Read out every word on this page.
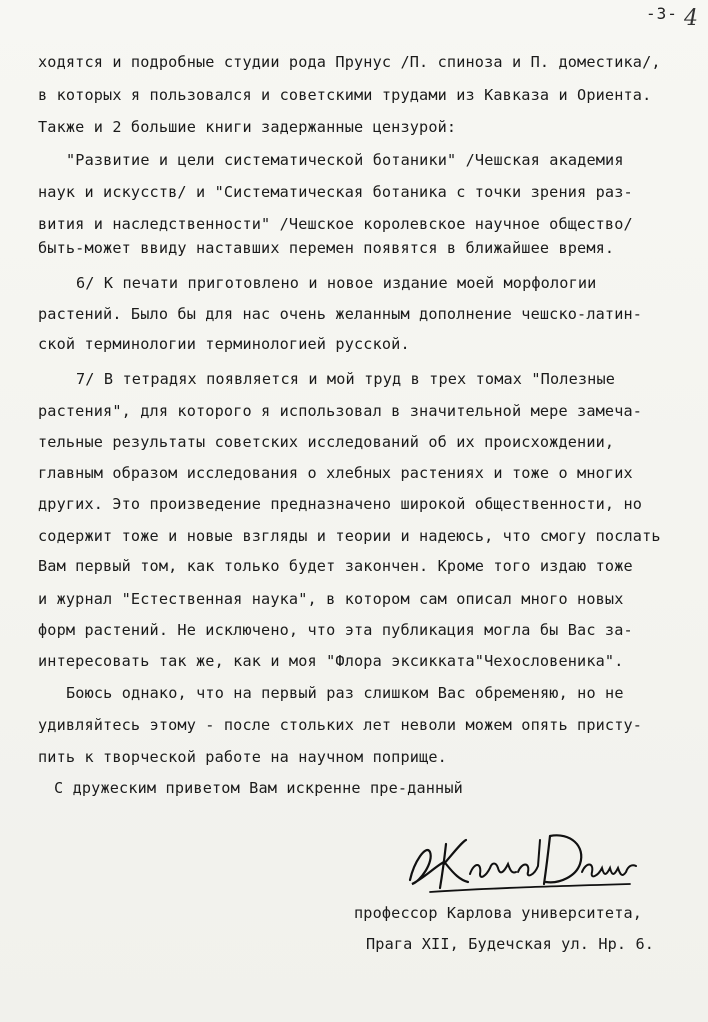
-3- 4
ходятся и подробные студии рода Прунус /П. спиноза и П. доместика/,
в которых я пользовался и советскими трудами из Кавказа и Ориента.
Также и 2 большие книги задержанные цензурой:
"Развитие и цели систематической ботаники" /Чешская академия
наук и искусств/ и "Систематическая ботаника с точки зрения раз-
вития и наследственности" /Чешское королевское научное общество/
быть-может ввиду наставших перемен появятся в ближайшее время.
6/ К печати приготовлено и новое издание моей морфологии
растений. Было бы для нас очень желанным дополнение чешско-латин-
ской терминологии терминологией русской.
7/ В тетрадях появляется и мой труд в трех томах "Полезные
растения", для которого я использовал в значительной мере замеча-
тельные результаты советских исследований об их происхождении,
главным образом исследования о хлебных растениях и тоже о многих
других. Это произведение предназначено широкой общественности, но
содержит тоже и новые взгляды и теории и надеюсь, что смогу послать
Вам первый том, как только будет закончен. Кроме того издаю тоже
и журнал "Естественная наука", в котором сам описал много новых
форм растений. Не исключено, что эта публикация могла бы Вас за-
интересовать так же, как и моя "Флора эксикката"Чехословеника".
Боюсь однако, что на первый раз слишком Вас обременяю, но не
удивляйтесь этому - после стольких лет неволи можем опять присту-
пить к творческой работе на научном поприще.
С дружеским приветом Вам искренне пре-данный
профессор Карлова университета,
Прага XII, Будечская ул. Нр. 6.
